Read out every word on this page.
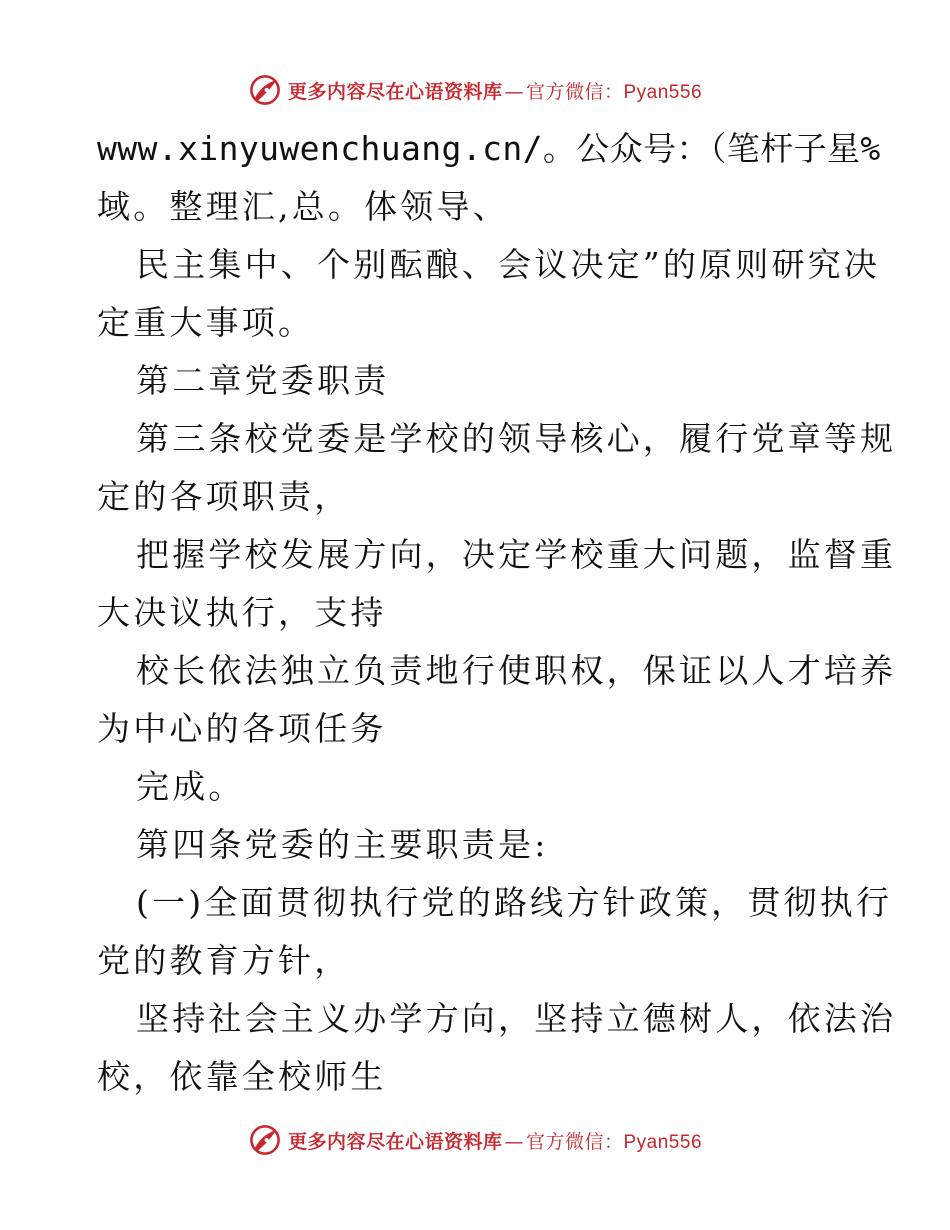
更多内容尽在心语资料库 — 官方微信： Pyan556
www.xinyuwenchuang.cn/。公众号：（笔杆子星%
域。整理汇,总。体领导、
民主集中、个别酝酿、会议决定”的原则研究决
定重大事项。
第二章党委职责
第三条校党委是学校的领导核心，履行党章等规
定的各项职责，
把握学校发展方向，决定学校重大问题，监督重
大决议执行，支持
校长依法独立负责地行使职权，保证以人才培养
为中心的各项任务
完成。
第四条党委的主要职责是:
(一)全面贯彻执行党的路线方针政策，贯彻执行
党的教育方针，
坚持社会主义办学方向，坚持立德树人，依法治
校，依靠全校师生
更多内容尽在心语资料库 — 官方微信： Pyan556
